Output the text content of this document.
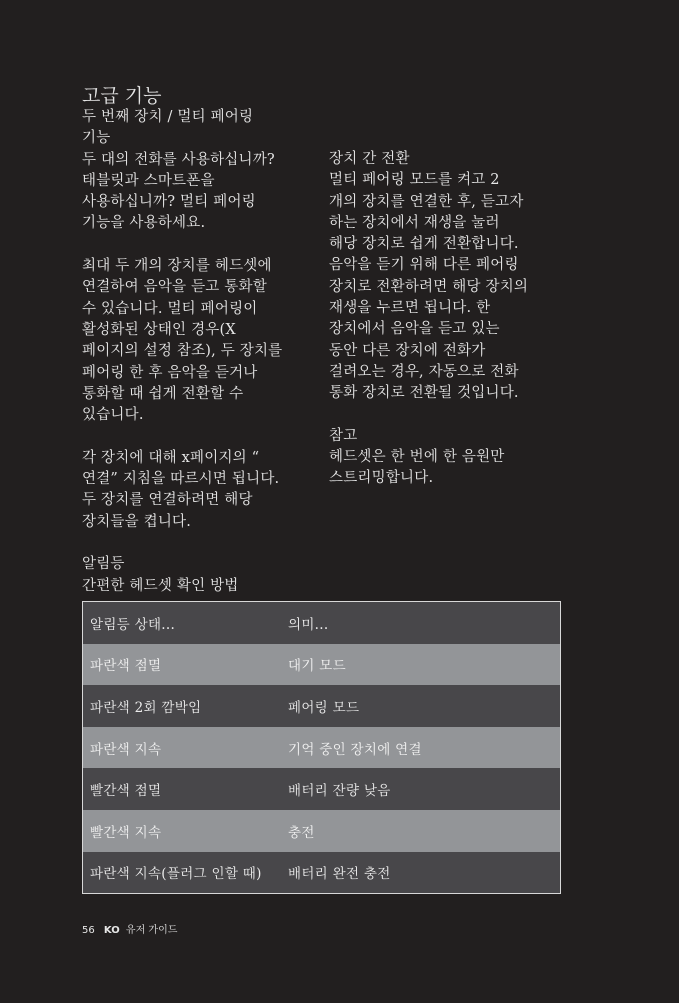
고급 기능
두 번째 장치 / 멀티 페어링
기능
두 대의 전화를 사용하십니까?
태블릿과 스마트폰을
사용하십니까? 멀티 페어링
기능을 사용하세요.
최대 두 개의 장치를 헤드셋에
연결하여 음악을 듣고 통화할
수 있습니다. 멀티 페어링이
활성화된 상태인 경우(X
페이지의 설정 참조), 두 장치를
페어링 한 후 음악을 듣거나
통화할 때 쉽게 전환할 수
있습니다.
각 장치에 대해 x페이지의 “
연결” 지침을 따르시면 됩니다.
두 장치를 연결하려면 해당
장치들을 켭니다.
알림등
간편한 헤드셋 확인 방법
장치 간 전환
멀티 페어링 모드를 켜고 2
개의 장치를 연결한 후, 듣고자
하는 장치에서 재생을 눌러
해당 장치로 쉽게 전환합니다.
음악을 듣기 위해 다른 페어링
장치로 전환하려면 해당 장치의
재생을 누르면 됩니다. 한
장치에서 음악을 듣고 있는
동안 다른 장치에 전화가
걸려오는 경우, 자동으로 전화
통화 장치로 전환될 것입니다.
참고
헤드셋은 한 번에 한 음원만
스트리밍합니다.
알림등 상태...	의미...
파란색 점멸	대기 모드
파란색 2회 깜박임	페어링 모드
파란색 지속	기억 중인 장치에 연결
빨간색 점멸	배터리 잔량 낮음
빨간색 지속	충전
파란색 지속(플러그 인할 때)	배터리 완전 충전
56 KO 유저 가이드
